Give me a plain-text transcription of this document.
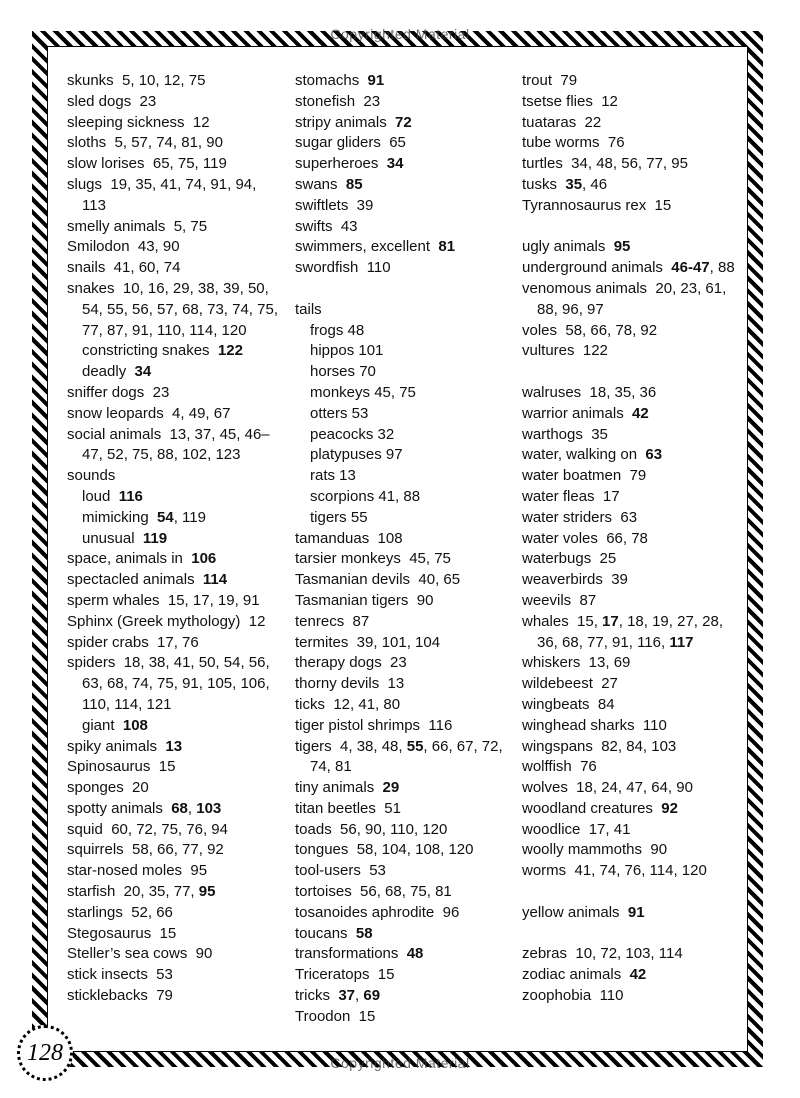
Copyrighted Material
Copyrighted Material
skunks  5, 10, 12, 75
sled dogs  23
sleeping sickness  12
sloths  5, 57, 74, 81, 90
slow lorises  65, 75, 119
slugs  19, 35, 41, 74, 91, 94, 113
smelly animals  5, 75
Smilodon  43, 90
snails  41, 60, 74
snakes  10, 16, 29, 38, 39, 50, 54, 55, 56, 57, 68, 73, 74, 75, 77, 87, 91, 110, 114, 120
constricting snakes  122
deadly  34
sniffer dogs  23
snow leopards  4, 49, 67
social animals  13, 37, 45, 46–47, 52, 75, 88, 102, 123
sounds
loud  116
mimicking  54, 119
unusual  119
space, animals in  106
spectacled animals  114
sperm whales  15, 17, 19, 91
Sphinx (Greek mythology)  12
spider crabs  17, 76
spiders  18, 38, 41, 50, 54, 56, 63, 68, 74, 75, 91, 105, 106, 110, 114, 121
giant  108
spiky animals  13
Spinosaurus  15
sponges  20
spotty animals  68, 103
squid  60, 72, 75, 76, 94
squirrels  58, 66, 77, 92
star-nosed moles  95
starfish  20, 35, 77, 95
starlings  52, 66
Stegosaurus  15
Steller’s sea cows  90
stick insects  53
sticklebacks  79
stomachs  91
stonefish  23
stripy animals  72
sugar gliders  65
superheroes  34
swans  85
swiftlets  39
swifts  43
swimmers, excellent  81
swordfish  110
tails
frogs 48
hippos 101
horses 70
monkeys 45, 75
otters 53
peacocks 32
platypuses 97
rats 13
scorpions 41, 88
tigers 55
tamanduas  108
tarsier monkeys  45, 75
Tasmanian devils  40, 65
Tasmanian tigers  90
tenrecs  87
termites  39, 101, 104
therapy dogs  23
thorny devils  13
ticks  12, 41, 80
tiger pistol shrimps  116
tigers  4, 38, 48, 55, 66, 67, 72, 74, 81
tiny animals  29
titan beetles  51
toads  56, 90, 110, 120
tongues  58, 104, 108, 120
tool-users  53
tortoises  56, 68, 75, 81
tosanoides aphrodite  96
toucans  58
transformations  48
Triceratops  15
tricks  37, 69
Troodon  15
trout  79
tsetse flies  12
tuataras  22
tube worms  76
turtles  34, 48, 56, 77, 95
tusks  35, 46
Tyrannosaurus rex  15
ugly animals  95
underground animals  46-47, 88
venomous animals  20, 23, 61, 88, 96, 97
voles  58, 66, 78, 92
vultures  122
walruses  18, 35, 36
warrior animals  42
warthogs  35
water, walking on  63
water boatmen  79
water fleas  17
water striders  63
water voles  66, 78
waterbugs  25
weaverbirds  39
weevils  87
whales  15, 17, 18, 19, 27, 28, 36, 68, 77, 91, 116, 117
whiskers  13, 69
wildebeest  27
wingbeats  84
winghead sharks  110
wingspans  82, 84, 103
wolffish  76
wolves  18, 24, 47, 64, 90
woodland creatures  92
woodlice  17, 41
woolly mammoths  90
worms  41, 74, 76, 114, 120
yellow animals  91
zebras  10, 72, 103, 114
zodiac animals  42
zoophobia  110
128
